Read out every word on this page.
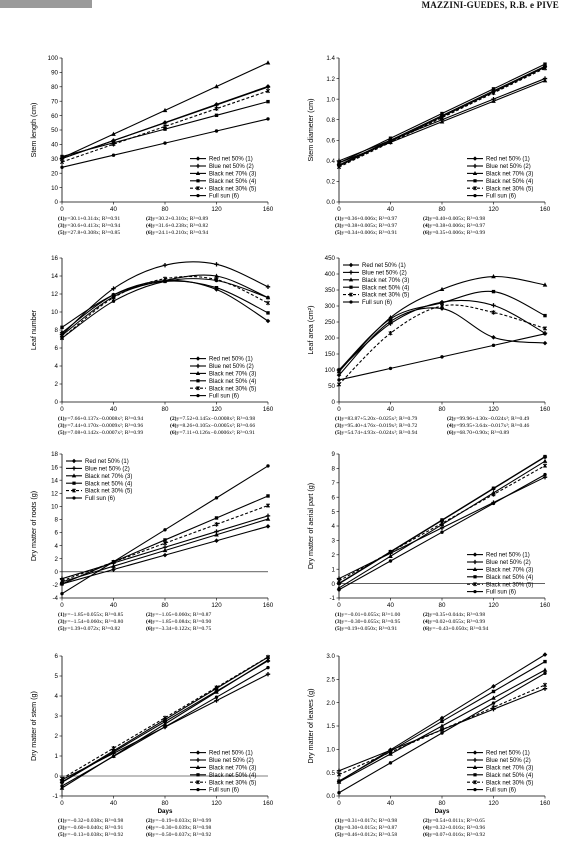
MAZZINI-GUEDES, R.B. e PIVE
0
10
20
30
40
50
60
70
80
90
100
0	40	80	120	160
Stem length (cm)
Red net 50% (1)
Blue net 50% (2)
Black net 70% (3)
Black net 50% (4)
Black net 30% (5)
Full sun (6)
(1)y=30.1+0.314x; R²=0.91	(2)y=30.2+0.310x; R²=0.89
(3)y=30.6+0.413x; R²=0.94	(4)y=31.6+0.238x; R²=0.82
(5)y=27.8+0.308x; R²=0.85	(6)y=24.1+0.210x; R²=0.94
0.0
0.2
0.4
0.6
0.8
1.0
1.2
1.4
0	40	80	120	160
Stem diameter (cm)	Red net 50% (1)
Blue net 50% (2)
Black net 70% (3)
Black net 50% (4)
Black net 30% (5)
Full sun (6)
(1)y=0.36+0.006x; R²=0.97	(2)y=0.40+0.005x; R²=0.98
(3)y=0.38+0.005x; R²=0.97	(4)y=0.38+0.006x; R²=0.97
(5)y=0.34+0.006x; R²=0.91	(6)y=0.35+0.006x; R²=0.99
0
2
4
6
8
10
12
14
16
0	40	80	120	160
Leaf number
Red net 50% (1)
Blue net 50% (2)
Black net 70% (3)
Black net 50% (4)
Black net 30% (5)
Full sun (6)
(1)y=7.66+0.137x−0.0008x²; R²=0.94	(2)y=7.52+0.145x−0.0008x²; R²=0.98
(3)y=7.44+0.170x−0.0009x²; R²=0.96	(4)y=8.26+0.105x−0.0005x²; R²=0.66
(5)y=7.08+0.142x−0.0007x²; R²=0.99	(6)y=7.11+0.126x−0.0006x²; R²=0.91
0
50
100
150
200
250
300
350
400
450
0	40	80	120	160
Leaf area (cm²)
Red net 50% (1)
Blue net 50% (2)
Black net 70% (3)
Black net 50% (4)
Black net 30% (5)
Full sun (6)
(1)y=83.87+5.20x−0.025x²; R²=0.79	(2)y=99.96+4.30x−0.024x²; R²=0.49
(3)y=95.40+4.76x−0.019x²; R²=0.72	(4)y=99.95+3.64x−0.017x²; R²=0.46
(5)y=54.74+4.93x−0.024x²; R²=0.94	(6)y=68.70+0.90x; R²=0.89
-4
-2
0
2
4
6
8
10
12
14
16
18
0	40	80	120	160
Dry matter of roots (g)
Red net 50% (1)
Blue net 50% (2)
Black net 70% (3)
Black net 50% (4)
Black net 30% (5)
Full sun (6)
(1)y=−1.85+0.055x; R²=0.85	(2)y=−1.05+0.060x; R²=0.87
(3)y=−1.54+0.060x; R²=0.80	(4)y=−1.85+0.084x; R²=0.90
(5)y=1.39+0.072x; R²=0.82	(6)y=−3.34+0.122x; R²=0.75
-1
0
1
2
3
4
5
6
7
8
9
0	40	80	120	160
Dry matter of aerial part (g)	Red net 50% (1)
Blue net 50% (2)
Black net 70% (3)
Black net 50% (4)
Black net 30% (5)
Full sun (6)
(1)y=−0.01+0.055x; R²=1.00	(2)y=0.35+0.044x; R²=0.98
(3)y=−0.30+0.055x; R²=0.95	(4)y=0.02+0.055x; R²=0.99
(5)y=0.19+0.050x; R²=0.91	(6)y=−0.43+0.050x; R²=0.94
-1
0
1
2
3
4
5
6
0	40	80	120	160
Dry matter of stem (g)
Days
Red net 50% (1)
Blue net 50% (2)
Black net 70% (3)
Black net 50% (4)
Black net 30% (5)
Full sun (6)
(1)y=−0.32+0.038x; R²=0.98	(2)y=−0.19+0.033x; R²=0.99
(3)y=−0.60+0.040x; R²=0.91	(4)y=−0.30+0.039x; R²=0.98
(5)y=−0.13+0.038x; R²=0.92	(6)y=−0.50+0.037x; R²=0.92
0.0
0.5
1.0
1.5
2.0
2.5
3.0
0	40	80	120	160
Dry matter of leaves (g)
Days
Red net 50% (1)
Blue net 50% (2)
Black net 70% (3)
Black net 50% (4)
Black net 30% (5)
Full sun (6)
(1)y=0.31+0.017x; R²=0.98	(2)y=0.54+0.011x; R²=0.65
(3)y=0.30+0.015x; R²=0.87	(4)y=0.32+0.016x; R²=0.96
(5)y=0.46+0.012x; R²=0.58	(6)y=0.07+0.016x; R²=0.92
